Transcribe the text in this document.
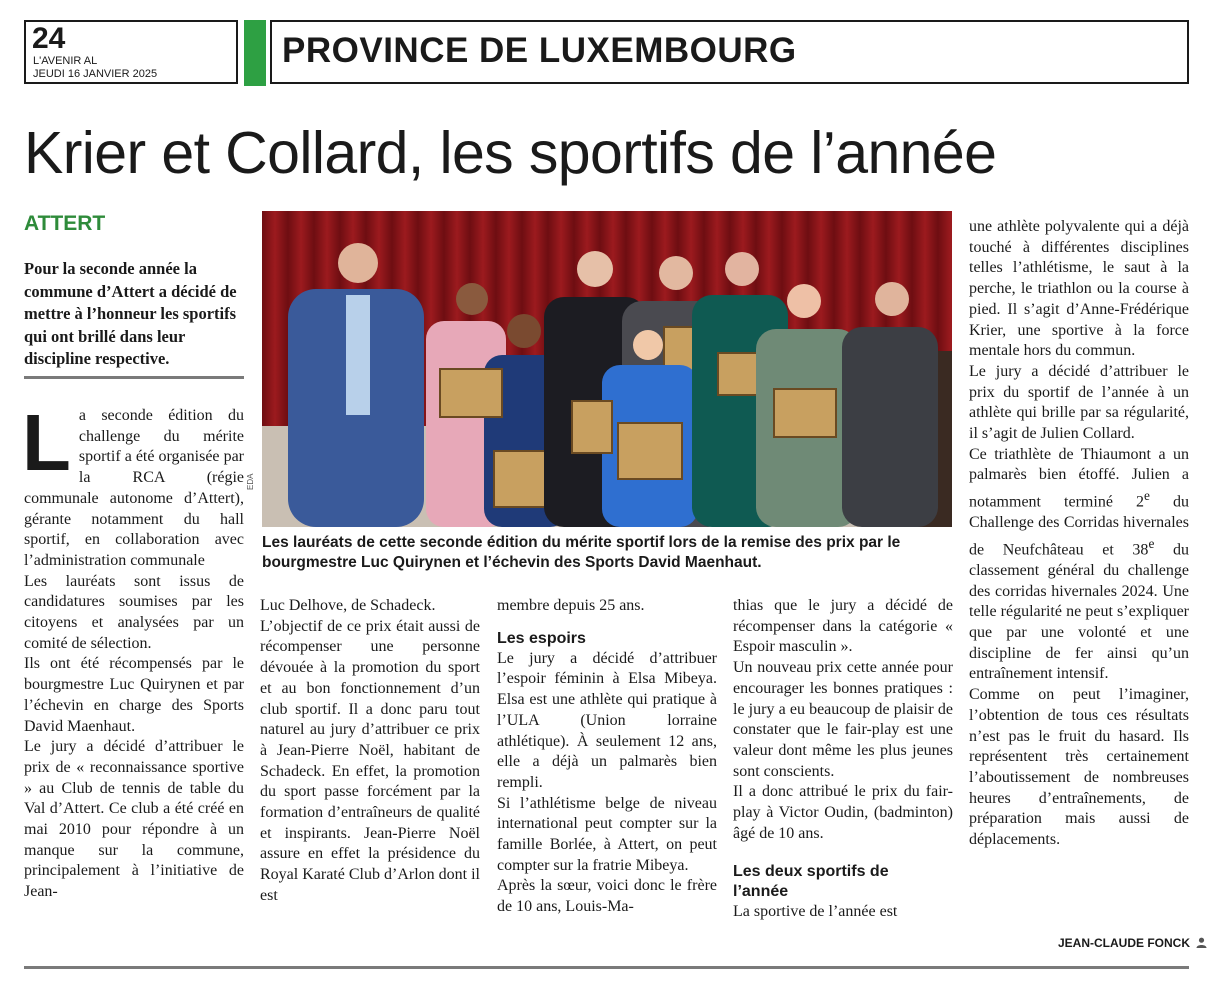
24
L'AVENIR AL
JEUDI 16 JANVIER 2025
PROVINCE DE LUXEMBOURG
Krier et Collard, les sportifs de l’année
ATTERT
Pour la seconde année la commune d’Attert a décidé de mettre à l’honneur les sportifs qui ont brillé dans leur discipline respective.
L a seconde édition du challenge du mérite sportif a été organisée par la RCA (régie communale autonome d’Attert), gérante notamment du hall sportif, en collaboration avec l’administration communale

Les lauréats sont issus de candidatures soumises par les citoyens et analysées par un comité de sélection.

Ils ont été récompensés par le bourgmestre Luc Quirynen et par l’échevin en charge des Sports David Maenhaut.

Le jury a décidé d’attribuer le prix de « reconnaissance sportive » au Club de tennis de table du Val d’Attert. Ce club a été créé en mai 2010 pour répondre à un manque sur la commune, principalement à l’initiative de Jean-

EDA
Les lauréats de cette seconde édition du mérite sportif lors de la remise des prix par le bourgmestre Luc Quirynen et l’échevin des Sports David Maenhaut.

Luc Delhove, de Schadeck.

L’objectif de ce prix était aussi de récompenser une personne dévouée à la promotion du sport et au bon fonctionnement d’un club sportif. Il a donc paru tout naturel au jury d’attribuer ce prix à Jean-Pierre Noël, habitant de Schadeck. En effet, la promotion du sport passe forcément par la formation d’entraîneurs de qualité et inspirants. Jean-Pierre Noël assure en effet la présidence du Royal Karaté Club d’Arlon dont il est

membre depuis 25 ans.

Les espoirs

Le jury a décidé d’attribuer l’espoir féminin à Elsa Mibeya. Elsa est une athlète qui pratique à l’ULA (Union lorraine athlétique). À seulement 12 ans, elle a déjà un palmarès bien rempli.

Si l’athlétisme belge de niveau international peut compter sur la famille Borlée, à Attert, on peut compter sur la fratrie Mibeya.

Après la sœur, voici donc le frère de 10 ans, Louis-Ma-

thias que le jury a décidé de récompenser dans la catégorie « Espoir masculin ».

Un nouveau prix cette année pour encourager les bonnes pratiques : le jury a eu beaucoup de plaisir de constater que le fair-play est une valeur dont même les plus jeunes sont conscients.

Il a donc attribué le prix du fair-play à Victor Oudin, (badminton) âgé de 10 ans.

Les deux sportifs de l’année

La sportive de l’année est

une athlète polyvalente qui a déjà touché à différentes disciplines telles l’athlétisme, le saut à la perche, le triathlon ou la course à pied. Il s’agit d’Anne-Frédérique Krier, une sportive à la force mentale hors du commun.

Le jury a décidé d’attribuer le prix du sportif de l’année à un athlète qui brille par sa régularité, il s’agit de Julien Collard.

Ce triathlète de Thiaumont a un palmarès bien étoffé. Julien a notamment terminé 2e du Challenge des Corridas hivernales de Neufchâteau et 38e du classement général du challenge des corridas hivernales 2024. Une telle régularité ne peut s’expliquer que par une volonté et une discipline de fer ainsi qu’un entraînement intensif.

Comme on peut l’imaginer, l’obtention de tous ces résultats n’est pas le fruit du hasard. Ils représentent très certainement l’aboutissement de nombreuses heures d’entraînements, de préparation mais aussi de déplacements.

JEAN-CLAUDE FONCK
